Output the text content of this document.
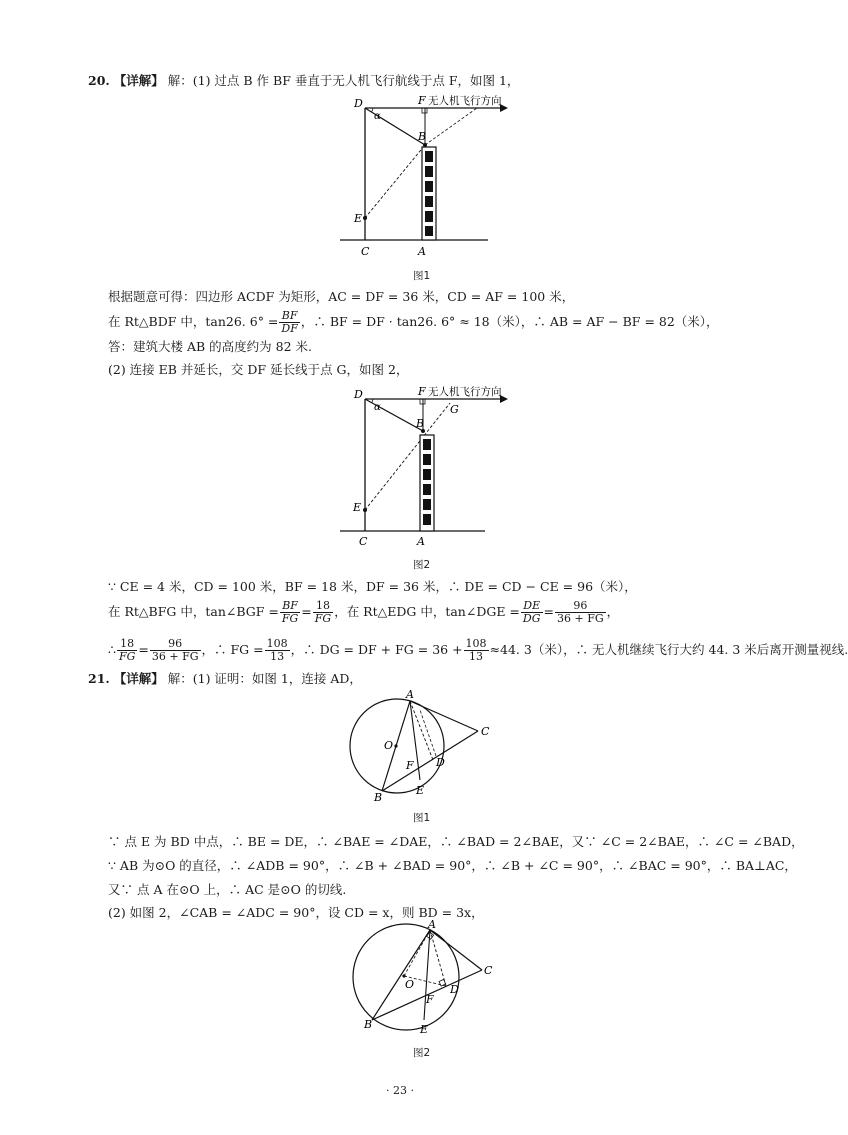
20. 【详解】 解：(1) 过点 B 作 BF 垂直于无人机飞行航线于点 F，如图 1，
D
α
F 无人机飞行方向
B
E
C	A
图1
根据题意可得：四边形 ACDF 为矩形，AC = DF = 36 米，CD = AF = 100 米，
在 Rt△BDF 中，tan26. $6^\circ = \frac{BF}{DF}$ ，∴ BF = DF · tan26. 6° ≈ 18（米），∴ AB = AF − BF = 82（米），
答：建筑大楼 AB 的高度约为 82 米.
(2) 连接 EB 并延长，交 DF 延长线于点 G，如图 2，
D
α
F 无人机飞行方向
G
B
E
C	A
图2
∵ CE = 4 米，CD = 100 米，BF = 18 米，DF = 36 米，∴ DE = CD − CE = 96（米），
在 Rt△BFG 中，tan∠BGF = $\frac{BF}{FG} = \frac{18}{FG}$ ，在 Rt△EDG 中，tan∠DGE = $\frac{DE}{DG} = \frac{96}{36 + FG}$ ，
∴ $\frac{18}{FG} = \frac{96}{36 + FG}$ ，∴ FG = $\frac{108}{13}$ ，∴ DG = DF + FG = $36 + \frac{108}{13} \approx 44$. 3（米），∴ 无人机继续飞行大约 44. 3 米后离开测量视线.
21. 【详解】 解：(1) 证明：如图 1，连接 AD，
A
O
C
F D
B
E
图1
∵ 点 E 为 BD 中点，∴ BE = DE，∴ ∠BAE = ∠DAE，∴ ∠BAD = 2∠BAE，又∵ ∠C = 2∠BAE，∴ ∠C = ∠BAD，
∵ AB 为⊙O 的直径，∴ ∠ADB = 90°，∴ ∠B + ∠BAD = 90°，∴ ∠B + ∠C = 90°，∴ ∠BAC = 90°，∴ BA⊥AC，
又∵ 点 A 在⊙O 上，∴ AC 是⊙O 的切线.
(2) 如图 2，∠CAB = ∠ADC = 90°，设 CD = x，则 BD = 3x，
A
O
C
F
D
B	E
图2
· 23 ·
